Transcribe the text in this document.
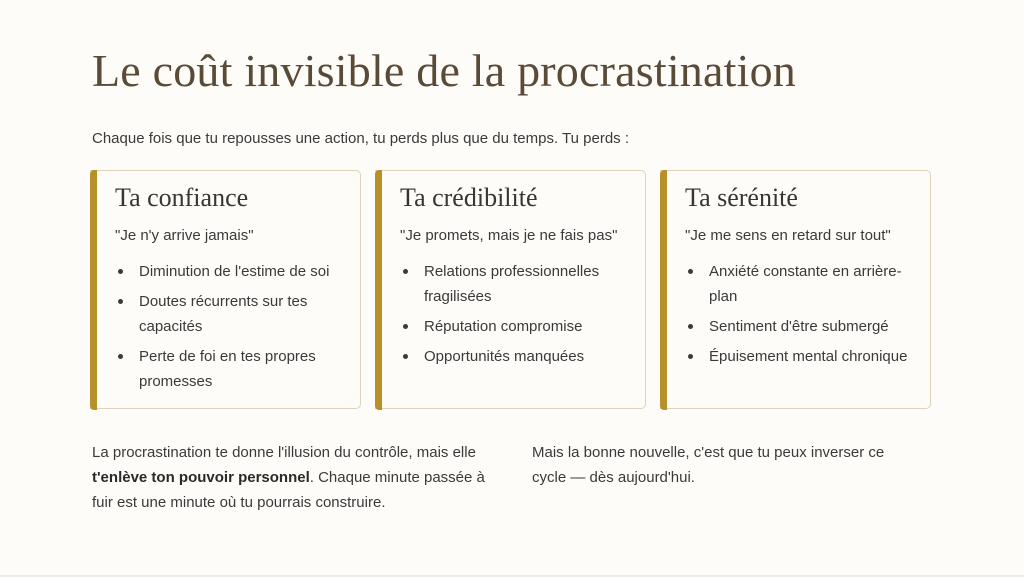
Le coût invisible de la procrastination

Chaque fois que tu repousses une action, tu perds plus que du temps. Tu perds :

Ta confiance

"Je n'y arrive jamais"

Diminution de l'estime de soi
Doutes récurrents sur tes capacités
Perte de foi en tes propres promesses
Ta crédibilité

"Je promets, mais je ne fais pas"

Relations professionnelles fragilisées
Réputation compromise
Opportunités manquées
Ta sérénité

"Je me sens en retard sur tout"

Anxiété constante en arrière-plan
Sentiment d'être submergé
Épuisement mental chronique

La procrastination te donne l'illusion du contrôle, mais elle t'enlève ton pouvoir personnel. Chaque minute passée à fuir est une minute où tu pourrais construire.

Mais la bonne nouvelle, c'est que tu peux inverser ce cycle — dès aujourd'hui.
